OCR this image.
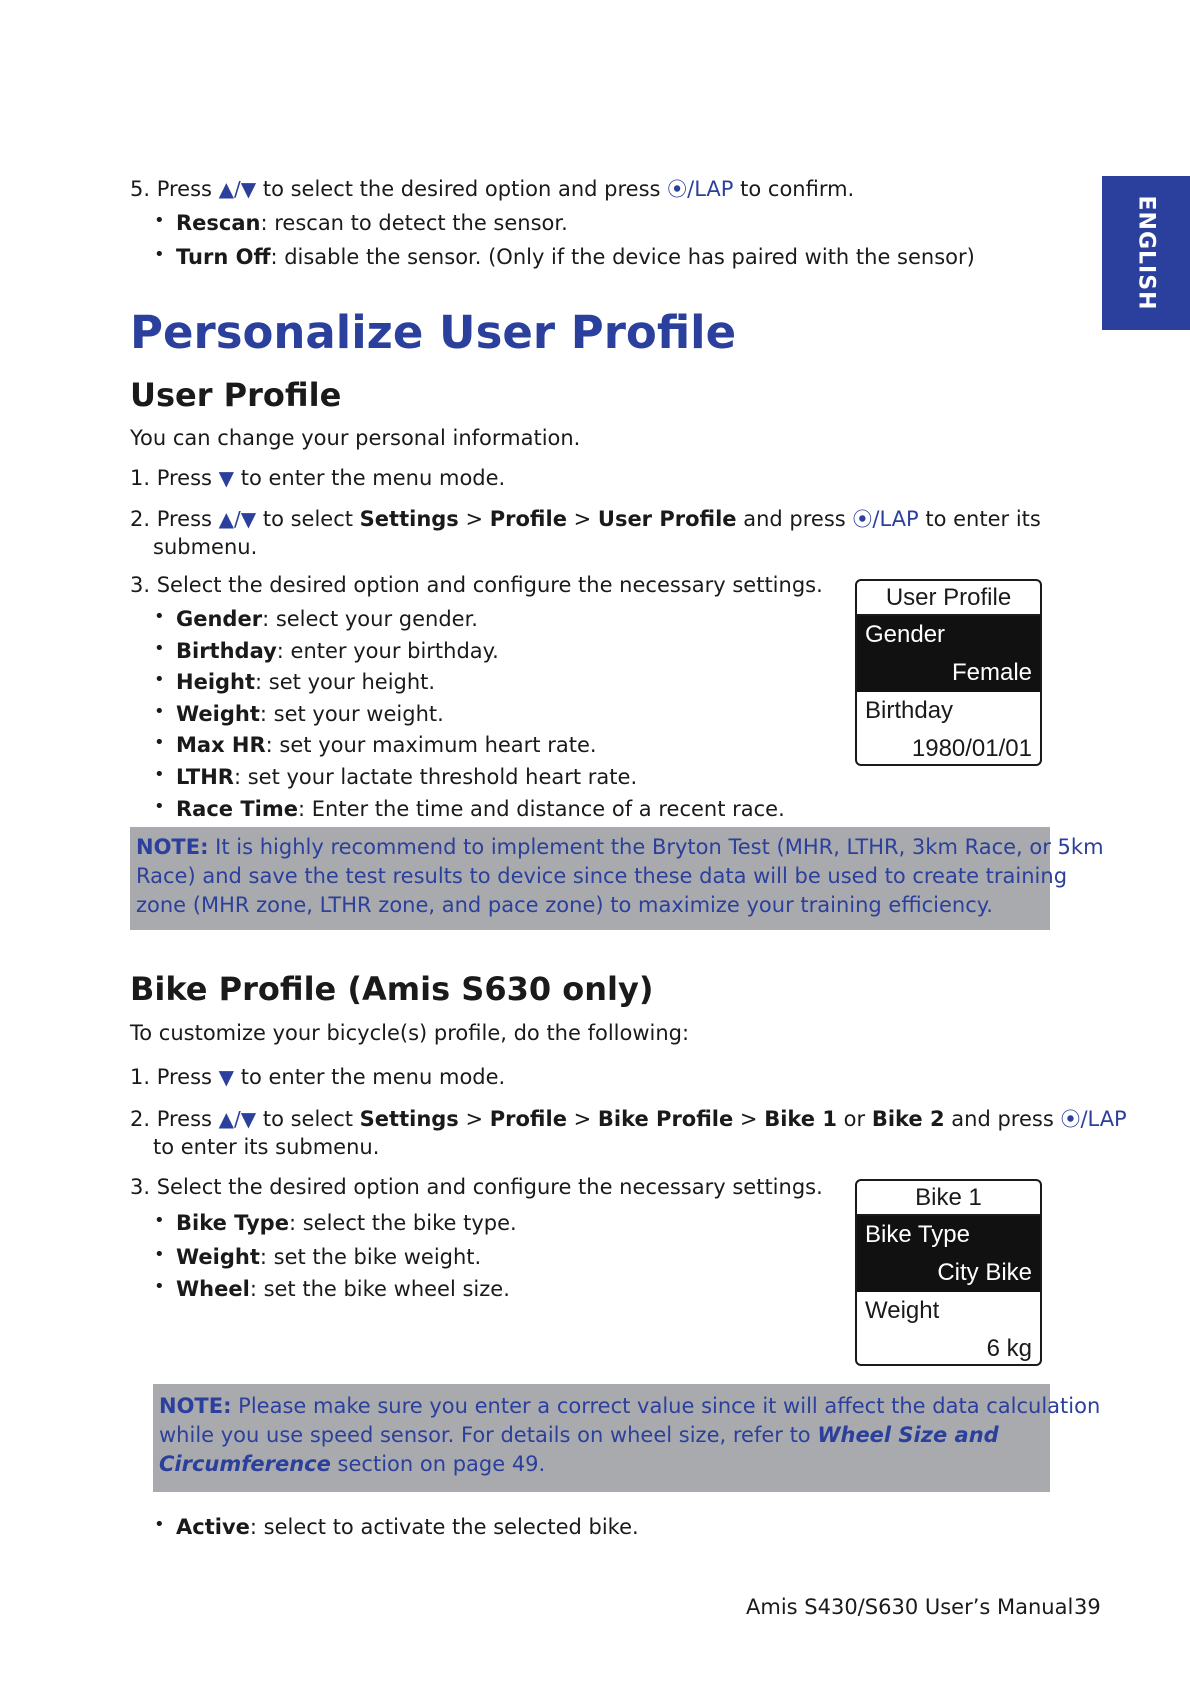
ENGLISH
5. Press ▲/▼ to select the desired option and press ⦿/LAP to confirm.
• Rescan: rescan to detect the sensor.
• Turn Off: disable the sensor. (Only if the device has paired with the sensor)
Personalize User Profile
User Profile
You can change your personal information.
1. Press ▼ to enter the menu mode.
2. Press ▲/▼ to select Settings > Profile > User Profile and press ⦿/LAP to enter its
submenu.
3. Select the desired option and configure the necessary settings.
• Gender: select your gender.
• Birthday: enter your birthday.
• Height: set your height.
• Weight: set your weight.
• Max HR: set your maximum heart rate.
• LTHR: set your lactate threshold heart rate.
• Race Time: Enter the time and distance of a recent race.
User Profile
Gender
Female
Birthday
1980/01/01
NOTE: It is highly recommend to implement the Bryton Test (MHR, LTHR, 3km Race, or 5km
Race) and save the test results to device since these data will be used to create training
zone (MHR zone, LTHR zone, and pace zone) to maximize your training efficiency.
Bike Profile (Amis S630 only)
To customize your bicycle(s) profile, do the following:
1. Press ▼ to enter the menu mode.
2. Press ▲/▼ to select Settings > Profile > Bike Profile > Bike 1 or Bike 2 and press ⦿/LAP
to enter its submenu.
3. Select the desired option and configure the necessary settings.
• Bike Type: select the bike type.
• Weight: set the bike weight.
• Wheel: set the bike wheel size.
Bike 1
Bike Type
City Bike
Weight
6 kg
NOTE: Please make sure you enter a correct value since it will affect the data calculation
while you use speed sensor. For details on wheel size, refer to Wheel Size and
Circumference section on page 49.
• Active: select to activate the selected bike.
Amis S430/S630 User’s Manual 39
